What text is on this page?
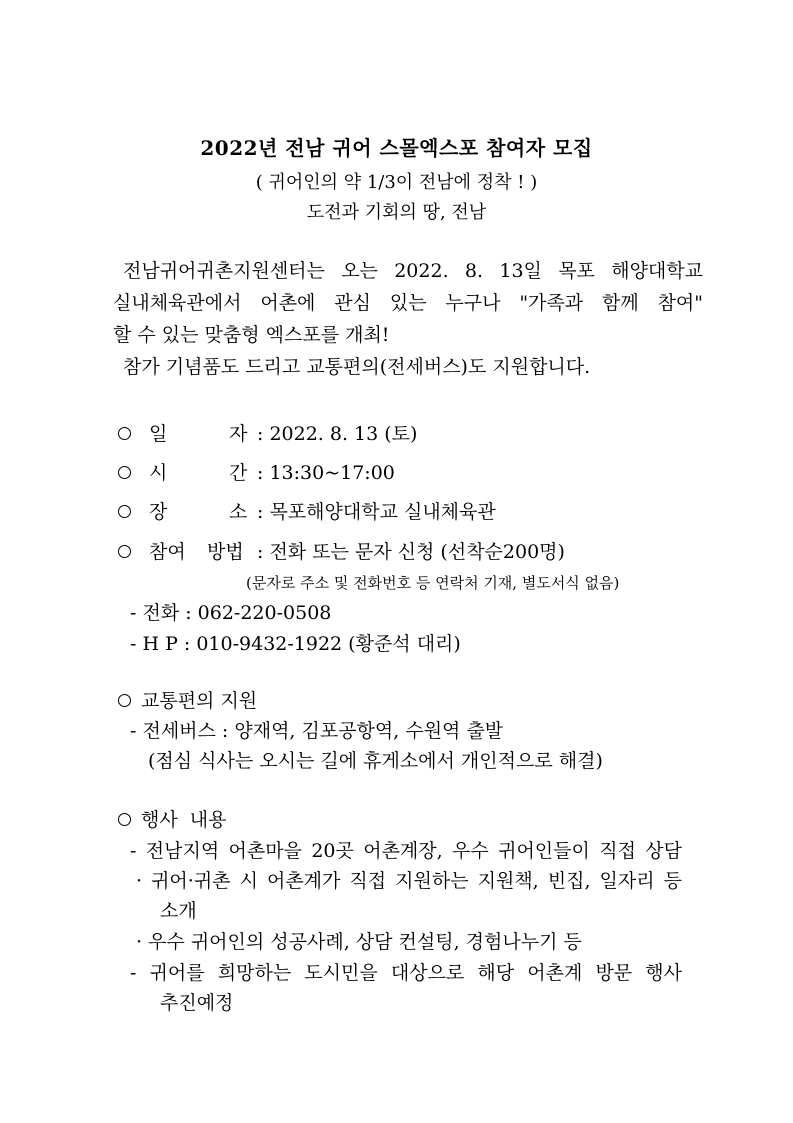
2022년 전남 귀어 스몰엑스포 참여자 모집
( 귀어인의 약 1/3이 전남에 정착 ! )
도전과 기회의 땅, 전남
전남귀어귀촌지원센터는 오는 2022. 8. 13일 목포 해양대학교
실내체육관에서 어촌에 관심 있는 누구나 "가족과 함께 참여"
할 수 있는 맞춤형 엑스포를 개최!
참가 기념품도 드리고 교통편의(전세버스)도 지원합니다.
일	자 : 2022. 8. 13 (토)
시	간 : 13:30~17:00
장	소 : 목포해양대학교 실내체육관
참여 방법 : 전화 또는 문자 신청 (선착순200명)
(문자로 주소 및 전화번호 등 연락처 기재, 별도서식 없음)
- 전화 : 062-220-0508
- H P : 010-9432-1922 (황준석 대리)
교통편의 지원
- 전세버스 : 양재역, 김포공항역, 수원역 출발
(점심 식사는 오시는 길에 휴게소에서 개인적으로 해결)
행사  내용
- 전남지역 어촌마을 20곳 어촌계장, 우수 귀어인들이 직접 상담
· 귀어·귀촌 시 어촌계가 직접 지원하는 지원책, 빈집, 일자리 등
소개
· 우수 귀어인의 성공사례, 상담 컨설팅, 경험나누기 등
- 귀어를 희망하는 도시민을 대상으로 해당 어촌계 방문 행사
추진예정
